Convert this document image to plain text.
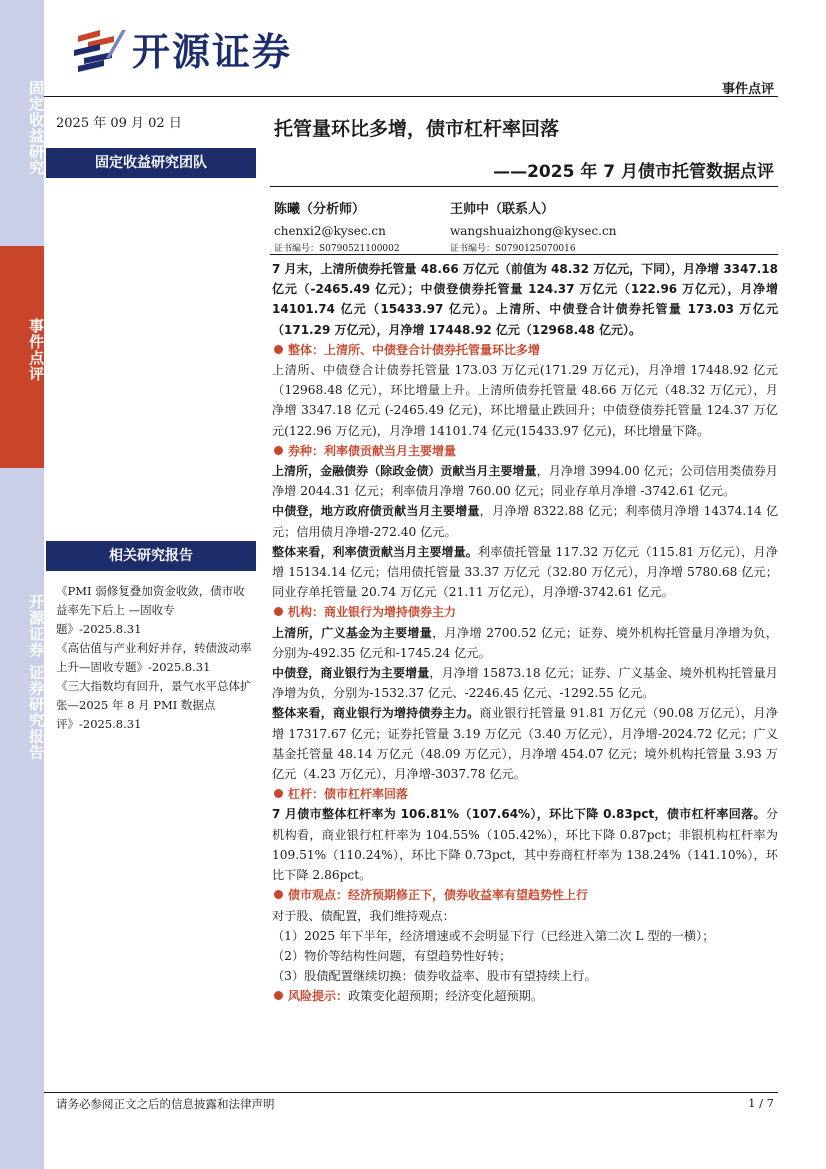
固定收益研究
事件点评
开源证券 证券研究报告
开源证券
事件点评
2025 年 09 月 02 日
固定收益研究团队
托管量环比多增，债市杠杆率回落
——2025 年 7 月债市托管数据点评
陈曦（分析师）
chenxi2@kysec.cn
证书编号：S0790521100002
王帅中（联系人）
wangshuaizhong@kysec.cn
证书编号：S0790125070016
相关研究报告

《PMI 弱修复叠加资金收敛，债市收益率先下后上 —固收专题》-2025.8.31

《高估值与产业利好并存，转债波动率上升—固收专题》-2025.8.31

《三大指数均有回升，景气水平总体扩张—2025 年 8 月 PMI 数据点评》-2025.8.31

7 月末，上清所债券托管量 48.66 万亿元（前值为 48.32 万亿元，下同），月净增 3347.18 亿元（-2465.49 亿元）；中债登债券托管量 124.37 万亿元（122.96 万亿元），月净增 14101.74 亿元（15433.97 亿元）。上清所、中债登合计债券托管量 173.03 万亿元（171.29 万亿元），月净增 17448.92 亿元（12968.48 亿元）。

整体：上清所、中债登合计债券托管量环比多增

上清所、中债登合计债券托管量 173.03 万亿元(171.29 万亿元)，月净增 17448.92 亿元（12968.48 亿元），环比增量上升。上清所债券托管量 48.66 万亿元（48.32 万亿元），月净增 3347.18 亿元 (-2465.49 亿元)，环比增量止跌回升；中债登债券托管量 124.37 万亿元(122.96 万亿元)，月净增 14101.74 亿元(15433.97 亿元)，环比增量下降。

券种：利率债贡献当月主要增量

上清所，金融债券（除政金债）贡献当月主要增量，月净增 3994.00 亿元；公司信用类债券月净增 2044.31 亿元；利率债月净增 760.00 亿元；同业存单月净增 -3742.61 亿元。

中债登，地方政府债贡献当月主要增量，月净增 8322.88 亿元；利率债月净增 14374.14 亿元；信用债月净增-272.40 亿元。

整体来看，利率债贡献当月主要增量。利率债托管量 117.32 万亿元（115.81 万亿元），月净增 15134.14 亿元；信用债托管量 33.37 万亿元（32.80 万亿元），月净增 5780.68 亿元；同业存单托管量 20.74 万亿元（21.11 万亿元），月净增-3742.61 亿元。

机构：商业银行为增持债券主力

上清所，广义基金为主要增量，月净增 2700.52 亿元；证券、境外机构托管量月净增为负，分别为-492.35 亿元和-1745.24 亿元。

中债登，商业银行为主要增量，月净增 15873.18 亿元；证券、广义基金、境外机构托管量月净增为负，分别为-1532.37 亿元、-2246.45 亿元、-1292.55 亿元。

整体来看，商业银行为增持债券主力。商业银行托管量 91.81 万亿元（90.08 万亿元），月净增 17317.67 亿元；证券托管量 3.19 万亿元（3.40 万亿元），月净增-2024.72 亿元；广义基金托管量 48.14 万亿元（48.09 万亿元），月净增 454.07 亿元；境外机构托管量 3.93 万亿元（4.23 万亿元），月净增-3037.78 亿元。

杠杆：债市杠杆率回落

7 月债市整体杠杆率为 106.81%（107.64%），环比下降 0.83pct，债市杠杆率回落。分机构看，商业银行杠杆率为 104.55%（105.42%），环比下降 0.87pct；非银机构杠杆率为 109.51%（110.24%），环比下降 0.73pct，其中券商杠杆率为 138.24%（141.10%），环比下降 2.86pct。

债市观点：经济预期修正下，债券收益率有望趋势性上行

对于股、债配置，我们维持观点：

（1）2025 年下半年，经济增速或不会明显下行（已经进入第二次 L 型的一横）；

（2）物价等结构性问题，有望趋势性好转；

（3）股债配置继续切换：债券收益率、股市有望持续上行。

风险提示：政策变化超预期；经济变化超预期。

请务必参阅正文之后的信息披露和法律声明	1 / 7
